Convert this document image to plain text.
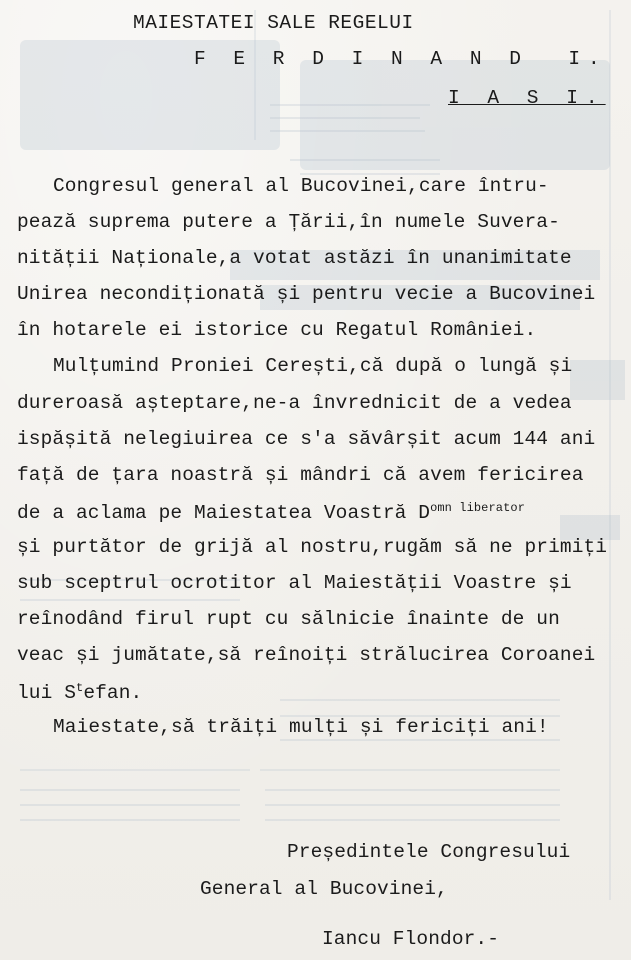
MAIESTATEI SALE REGELUI
F E R D I N A N D  I.
I A S I.
Congresul general al Bucovinei,care întru-
pează suprema putere a Țării,în numele Suvera-
nității Naționale,a votat astăzi în unanimitate
Unirea necondiționată și pentru vecie a Bucovinei
în hotarele ei istorice cu Regatul României.
Mulțumind Proniei Cerești,că după o lungă și
dureroasă așteptare,ne-a învrednicit de a vedea
ispășită nelegiuirea ce s'a săvârșit acum 144 ani
față de țara noastră și mândri că avem fericirea
de a aclama pe Maiestatea Voastră $D^{omn liberator}$
și purtător de grijă al nostru,rugăm să ne primiți
sub sceptrul ocrotitor al Maiestății Voastre și
reînodând firul rupt cu sălnicie înainte de un
veac și jumătate,să reînoiți strălucirea Coroanei
lui $S^tefan$.
Maiestate,să trăiți mulți și fericiți ani!
Președintele Congresului
General al Bucovinei,
Iancu Flondor.-
